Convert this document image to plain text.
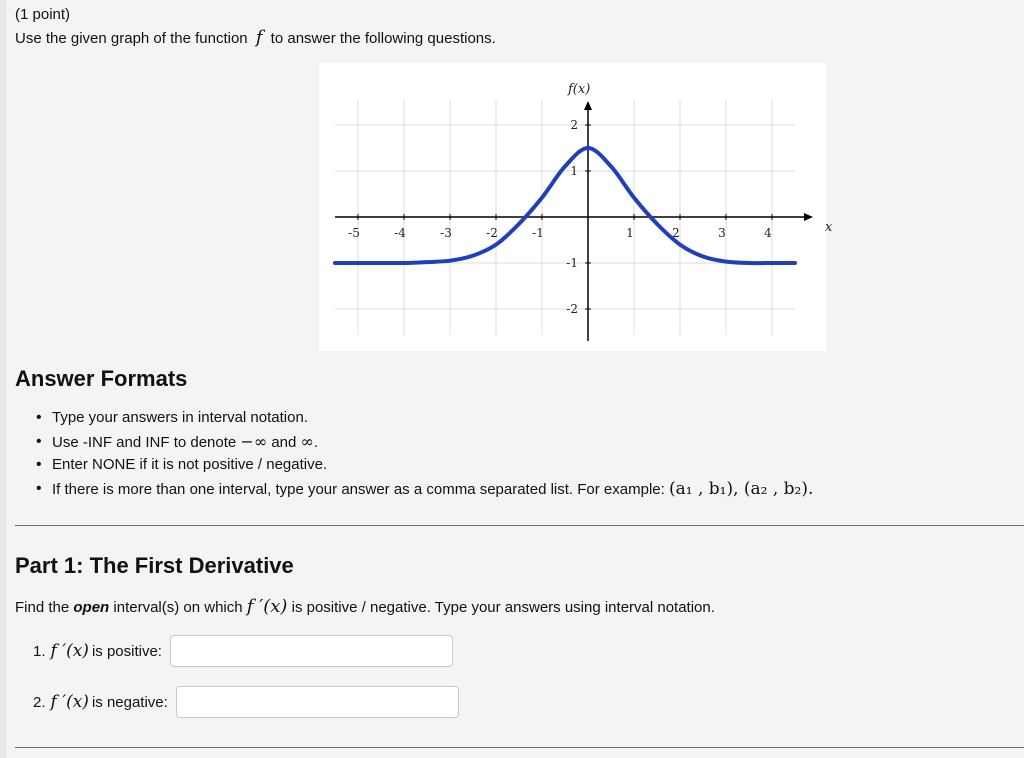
(1 point)
Use the given graph of the function f to answer the following questions.
-5	-4	-3	-2	-1	1	2	3	4
2
1
-1
-2
f(x)
x
Answer Formats
• Type your answers in interval notation.
• Use -INF and INF to denote −∞ and ∞.
• Enter NONE if it is not positive / negative.
• If there is more than one interval, type your answer as a comma separated list. For example: (a₁ , b₁), (a₂ , b₂).
Part 1: The First Derivative
Find the open interval(s) on which f ′(x) is positive / negative. Type your answers using interval notation.
1. f ′(x) is positive:
2. f ′(x) is negative:
